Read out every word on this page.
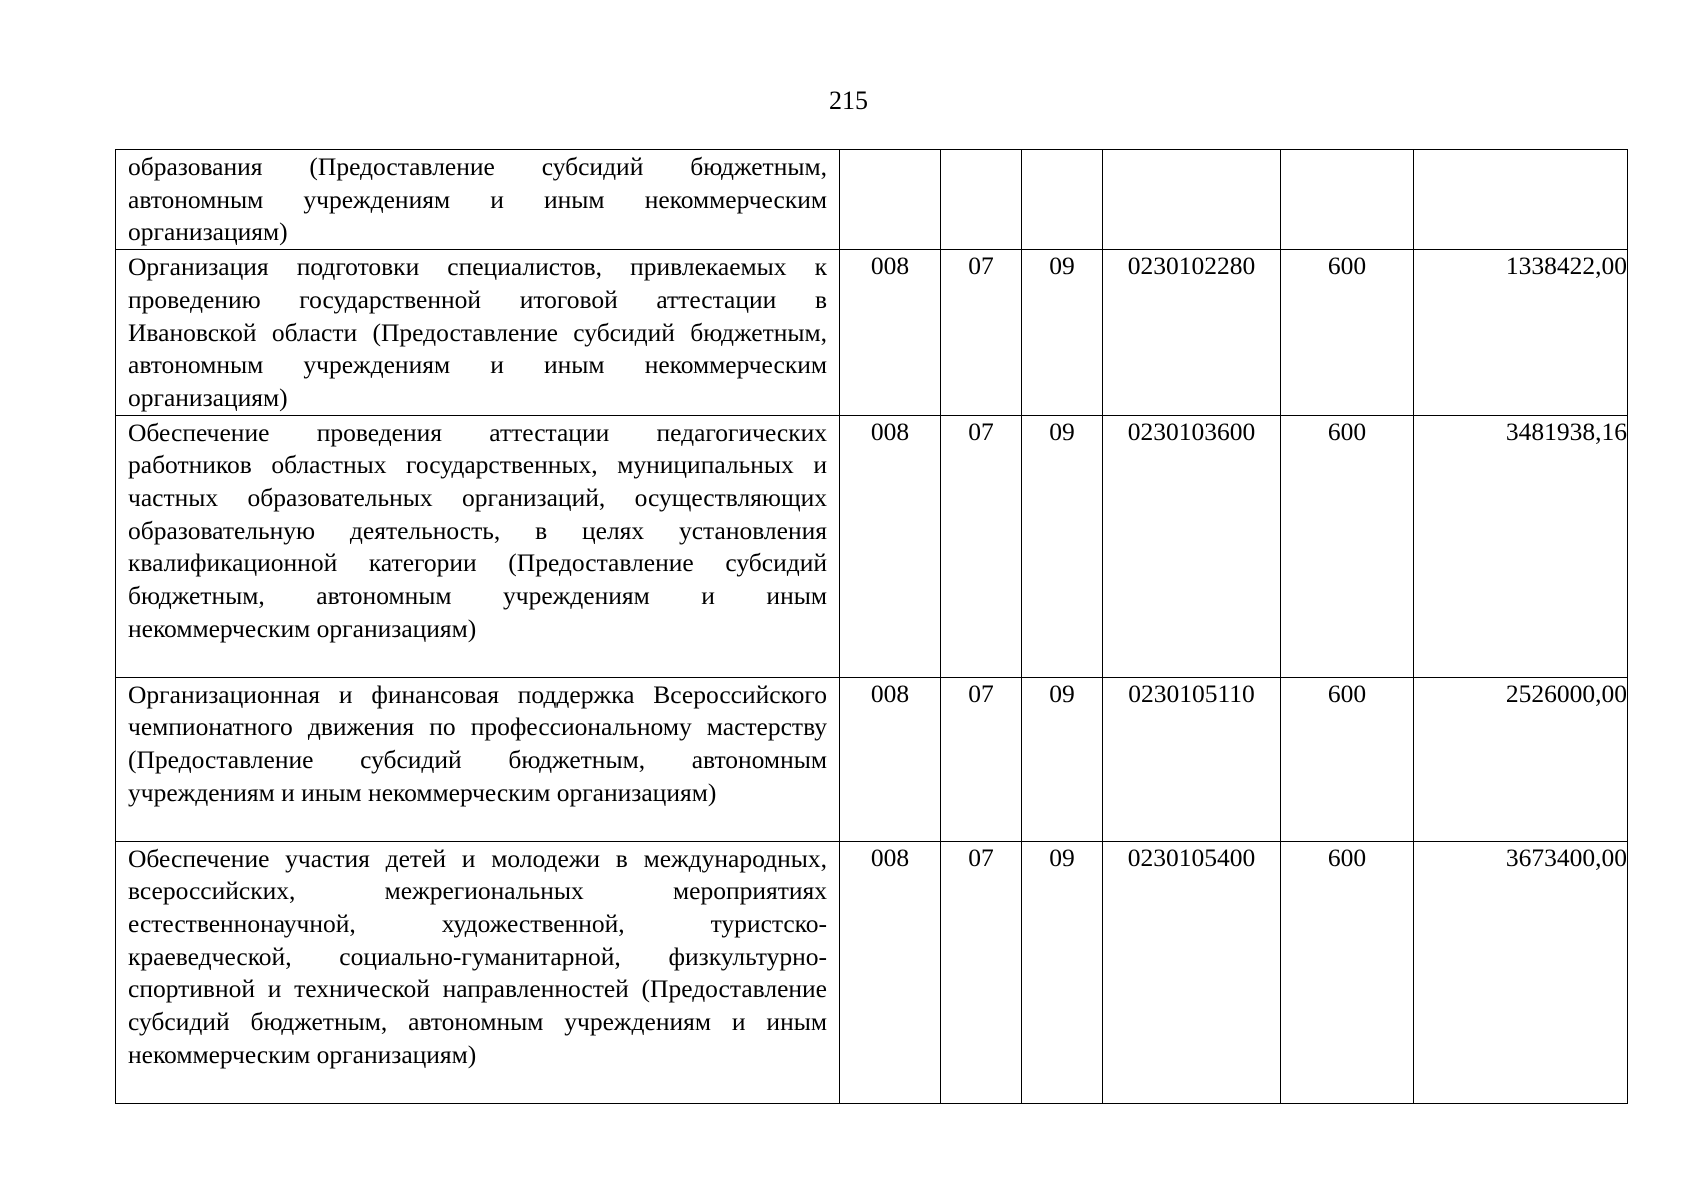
215
образования (Предоставление субсидий бюджетным, автономным учреждениям и иным некоммерческим организациям)						

Организация подготовки специалистов, привлекаемых к проведению государственной итоговой аттестации в Ивановской области (Предоставление субсидий бюджетным, автономным учреждениям и иным некоммерческим организациям)	008	07	09	0230102280	600	1338422,00

Обеспечение проведения аттестации педагогических работников областных государственных, муниципальных и частных образовательных организаций, осуществляющих образовательную деятельность, в целях установления квалификационной категории (Предоставление субсидий бюджетным, автономным учреждениям и иным некоммерческим организациям)	008	07	09	0230103600	600	3481938,16

Организационная и финансовая поддержка Всероссийского чемпионатного движения по профессиональному мастерству (Предоставление субсидий бюджетным, автономным учреждениям и иным некоммерческим организациям)	008	07	09	0230105110	600	2526000,00

Обеспечение участия детей и молодежи в международных, всероссийских, межрегиональных мероприятиях естественнонаучной, художественной, туристско-краеведческой, социально-гуманитарной, физкультурно-спортивной и технической направленностей (Предоставление субсидий бюджетным, автономным учреждениям и иным некоммерческим организациям)	008	07	09	0230105400	600	3673400,00
